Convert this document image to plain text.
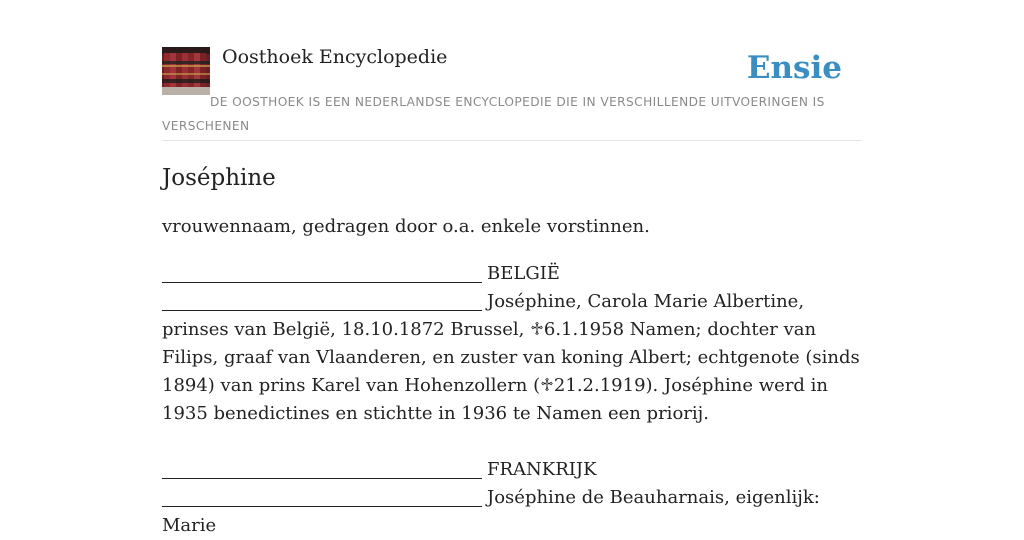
Oosthoek Encyclopedie	Ensie
DE OOSTHOEK IS EEN NEDERLANDSE ENCYCLOPEDIE DIE IN VERSCHILLENDE UITVOERINGEN IS VERSCHENEN
Joséphine

vrouwennaam, gedragen door o.a. enkele vorstinnen.

BELGIË
Joséphine, Carola Marie Albertine, prinses van België, 18.10.1872 Brussel, ♱6.1.1958 Namen; dochter van Filips, graaf van Vlaanderen, en zuster van koning Albert; echtgenote (sinds 1894) van prins Karel van Hohenzollern (♱21.2.1919). Joséphine werd in 1935 benedictines en stichtte in 1936 te Namen een priorij.
FRANKRIJK
Joséphine de Beauharnais, eigenlijk: Marie
